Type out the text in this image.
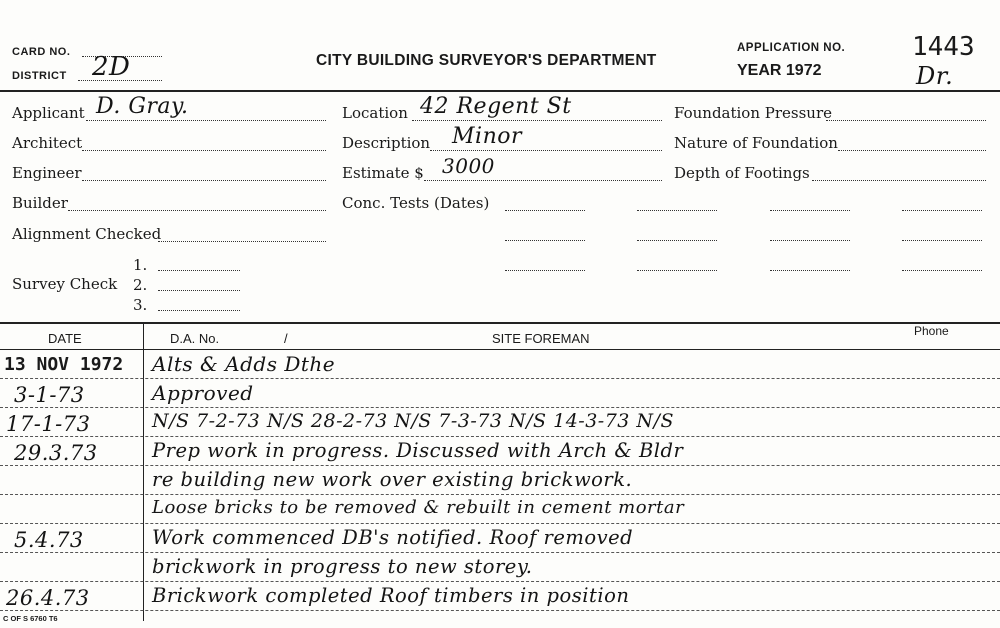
CARD NO.
DISTRICT 2D	CITY BUILDING SURVEYOR'S DEPARTMENT
APPLICATION NO.	1443
YEAR 1972	Dr.
Applicant D. Gray.
Architect
Engineer
Builder
Alignment Checked
Survey Check
1.
2.
3.
Location 42 Regent St
Description Minor
Estimate $ 3000
Conc. Tests (Dates)
Foundation Pressure
Nature of Foundation
Depth of Footings
DATE	D.A. No.	/	SITE FOREMAN	Phone
13 NOV 1972 Alts & Adds Dthe
3-1-73	Approved
17-1-73	N/S 7-2-73 N/S 28-2-73 N/S 7-3-73 N/S 14-3-73 N/S
29.3.73	Prep work in progress. Discussed with Arch & Bldr
re building new work over existing brickwork.
Loose bricks to be removed & rebuilt in cement mortar
5.4.73	Work commenced DB's notified. Roof removed
brickwork in progress to new storey.
26.4.73	Brickwork completed Roof timbers in position
C OF S 6760 T6
